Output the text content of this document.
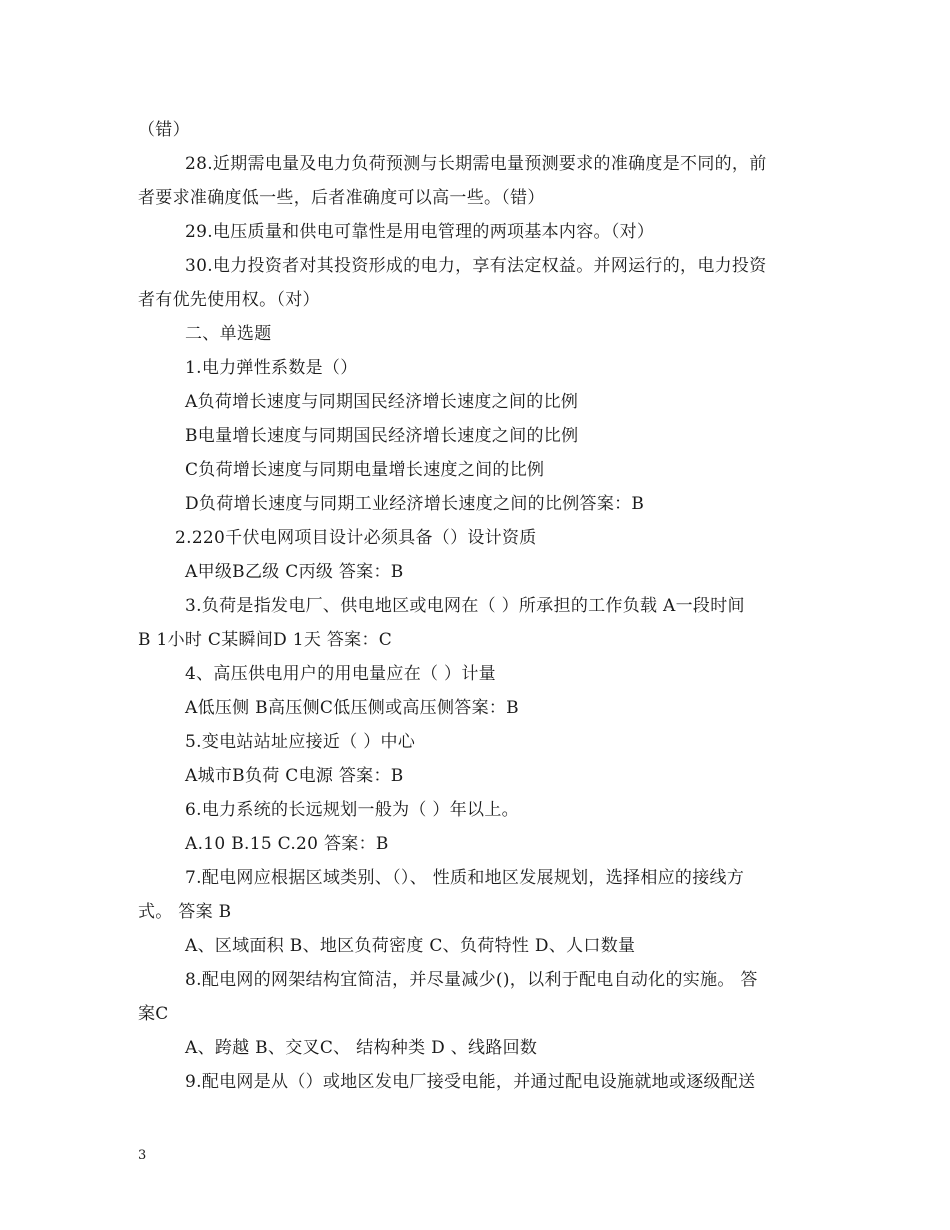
（错）
28.近期需电量及电力负荷预测与长期需电量预测要求的准确度是不同的，前
者要求准确度低一些，后者准确度可以高一些。（错）
29.电压质量和供电可靠性是用电管理的两项基本内容。（对）
30.电力投资者对其投资形成的电力，享有法定权益。并网运行的，电力投资
者有优先使用权。（对）
二、单选题
1.电力弹性系数是（）
A负荷增长速度与同期国民经济增长速度之间的比例
B电量增长速度与同期国民经济增长速度之间的比例
C负荷增长速度与同期电量增长速度之间的比例
D负荷增长速度与同期工业经济增长速度之间的比例答案：B
2.220千伏电网项目设计必须具备（）设计资质
A甲级B乙级 C丙级 答案：B
3.负荷是指发电厂、供电地区或电网在（ ）所承担的工作负载 A一段时间
B 1小时 C某瞬间D 1天 答案：C
4、高压供电用户的用电量应在（ ）计量
A低压侧 B高压侧C低压侧或高压侧答案：B
5.变电站站址应接近（ ）中心
A城市B负荷 C电源 答案：B
6.电力系统的长远规划一般为（ ）年以上。
A.10 B.15 C.20 答案：B
7.配电网应根据区域类别、（）、 性质和地区发展规划，选择相应的接线方
式。 答案 B
A、区域面积 B、地区负荷密度 C、负荷特性 D、人口数量
8.配电网的网架结构宜简洁，并尽量减少()，以利于配电自动化的实施。 答
案C
A、跨越 B、交叉C、 结构种类 D 、线路回数
9.配电网是从（）或地区发电厂接受电能，并通过配电设施就地或逐级配送
3
